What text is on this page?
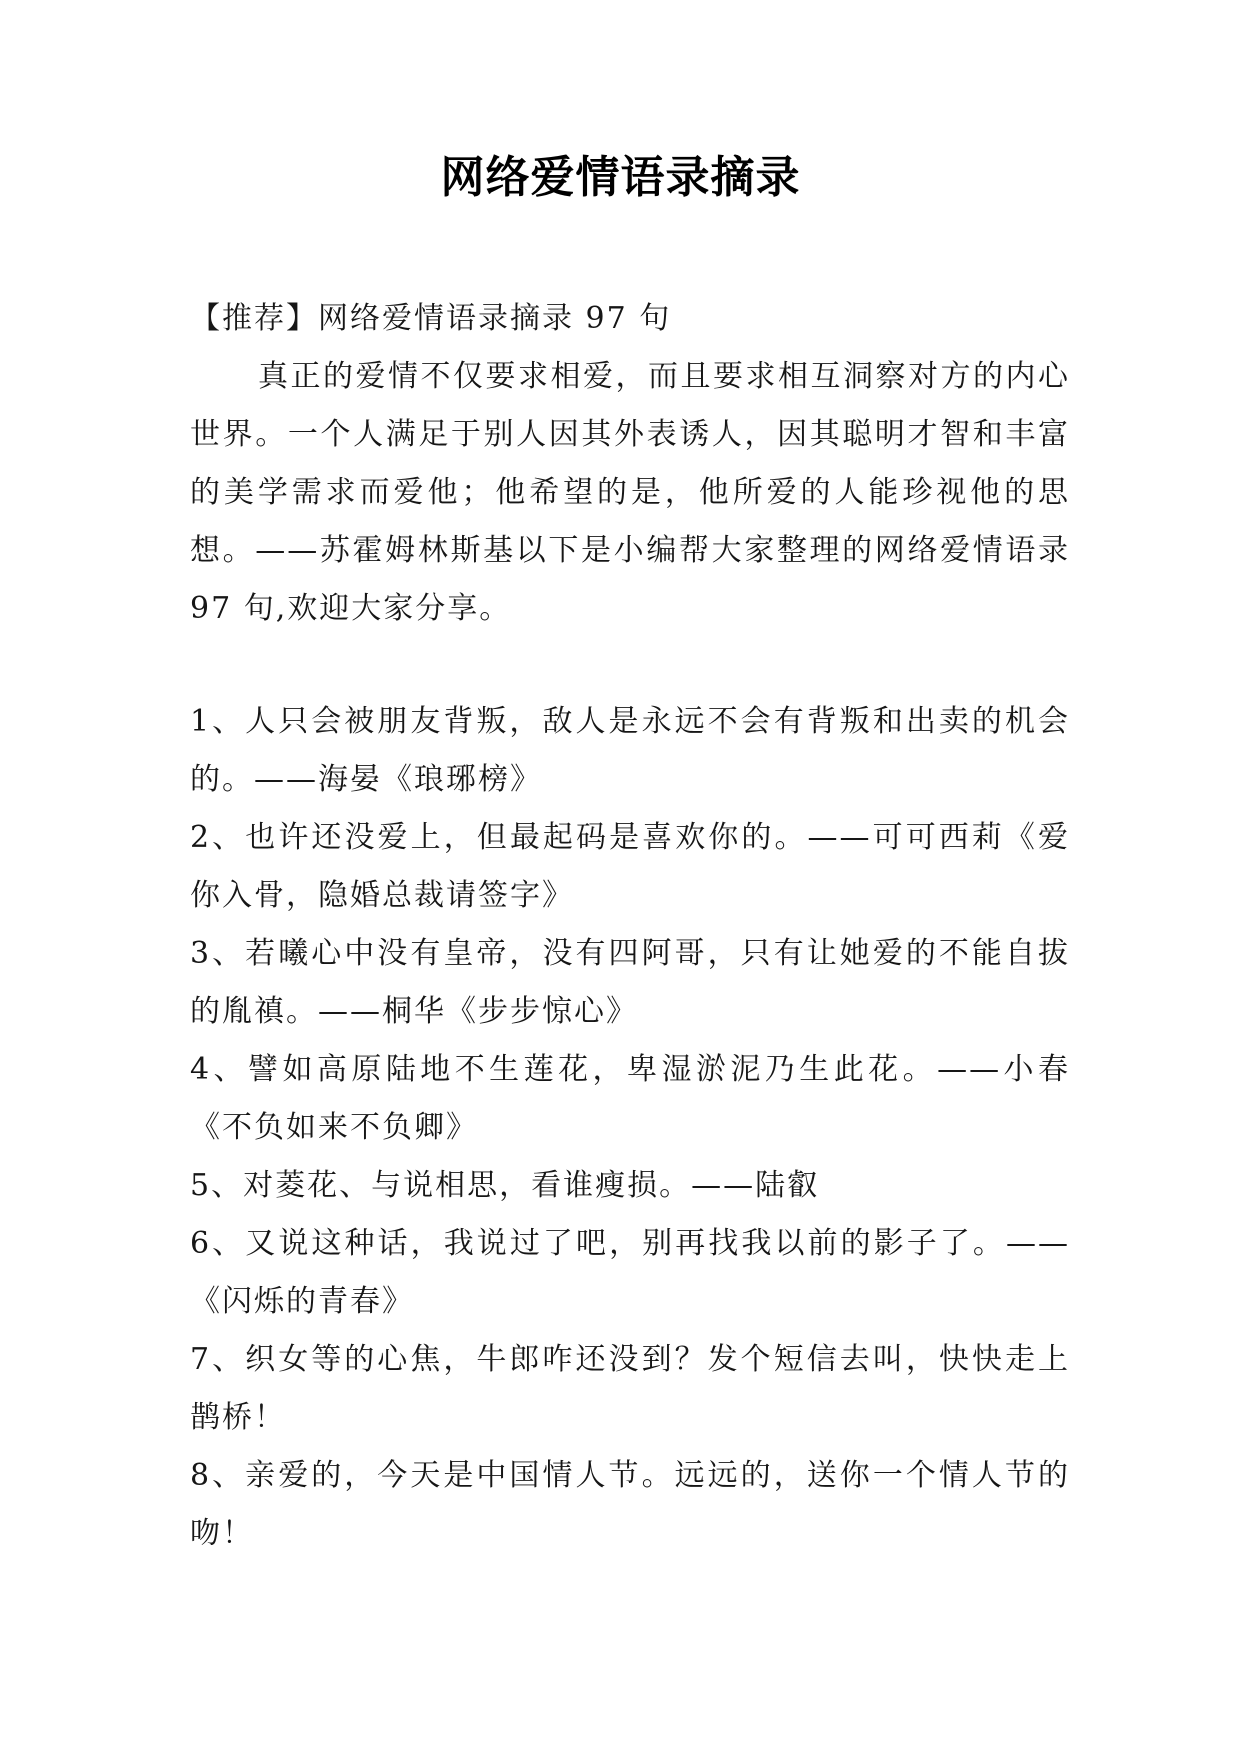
网络爱情语录摘录

【推荐】网络爱情语录摘录 97 句

真正的爱情不仅要求相爱，而且要求相互洞察对方的内心世界。一个人满足于别人因其外表诱人，因其聪明才智和丰富的美学需求而爱他；他希望的是，他所爱的人能珍视他的思想。——苏霍姆林斯基以下是小编帮大家整理的网络爱情语录 97 句,欢迎大家分享。

1、人只会被朋友背叛，敌人是永远不会有背叛和出卖的机会的。——海晏《琅琊榜》
2、也许还没爱上，但最起码是喜欢你的。——可可西莉《爱你入骨，隐婚总裁请签字》
3、若曦心中没有皇帝，没有四阿哥，只有让她爱的不能自拔的胤禛。——桐华《步步惊心》
4、譬如高原陆地不生莲花，卑湿淤泥乃生此花。——小春《不负如来不负卿》
5、对菱花、与说相思，看谁瘦损。——陆叡
6、又说这种话，我说过了吧，别再找我以前的影子了。——《闪烁的青春》
7、织女等的心焦，牛郎咋还没到？发个短信去叫，快快走上鹊桥！
8、亲爱的，今天是中国情人节。远远的，送你一个情人节的吻！
